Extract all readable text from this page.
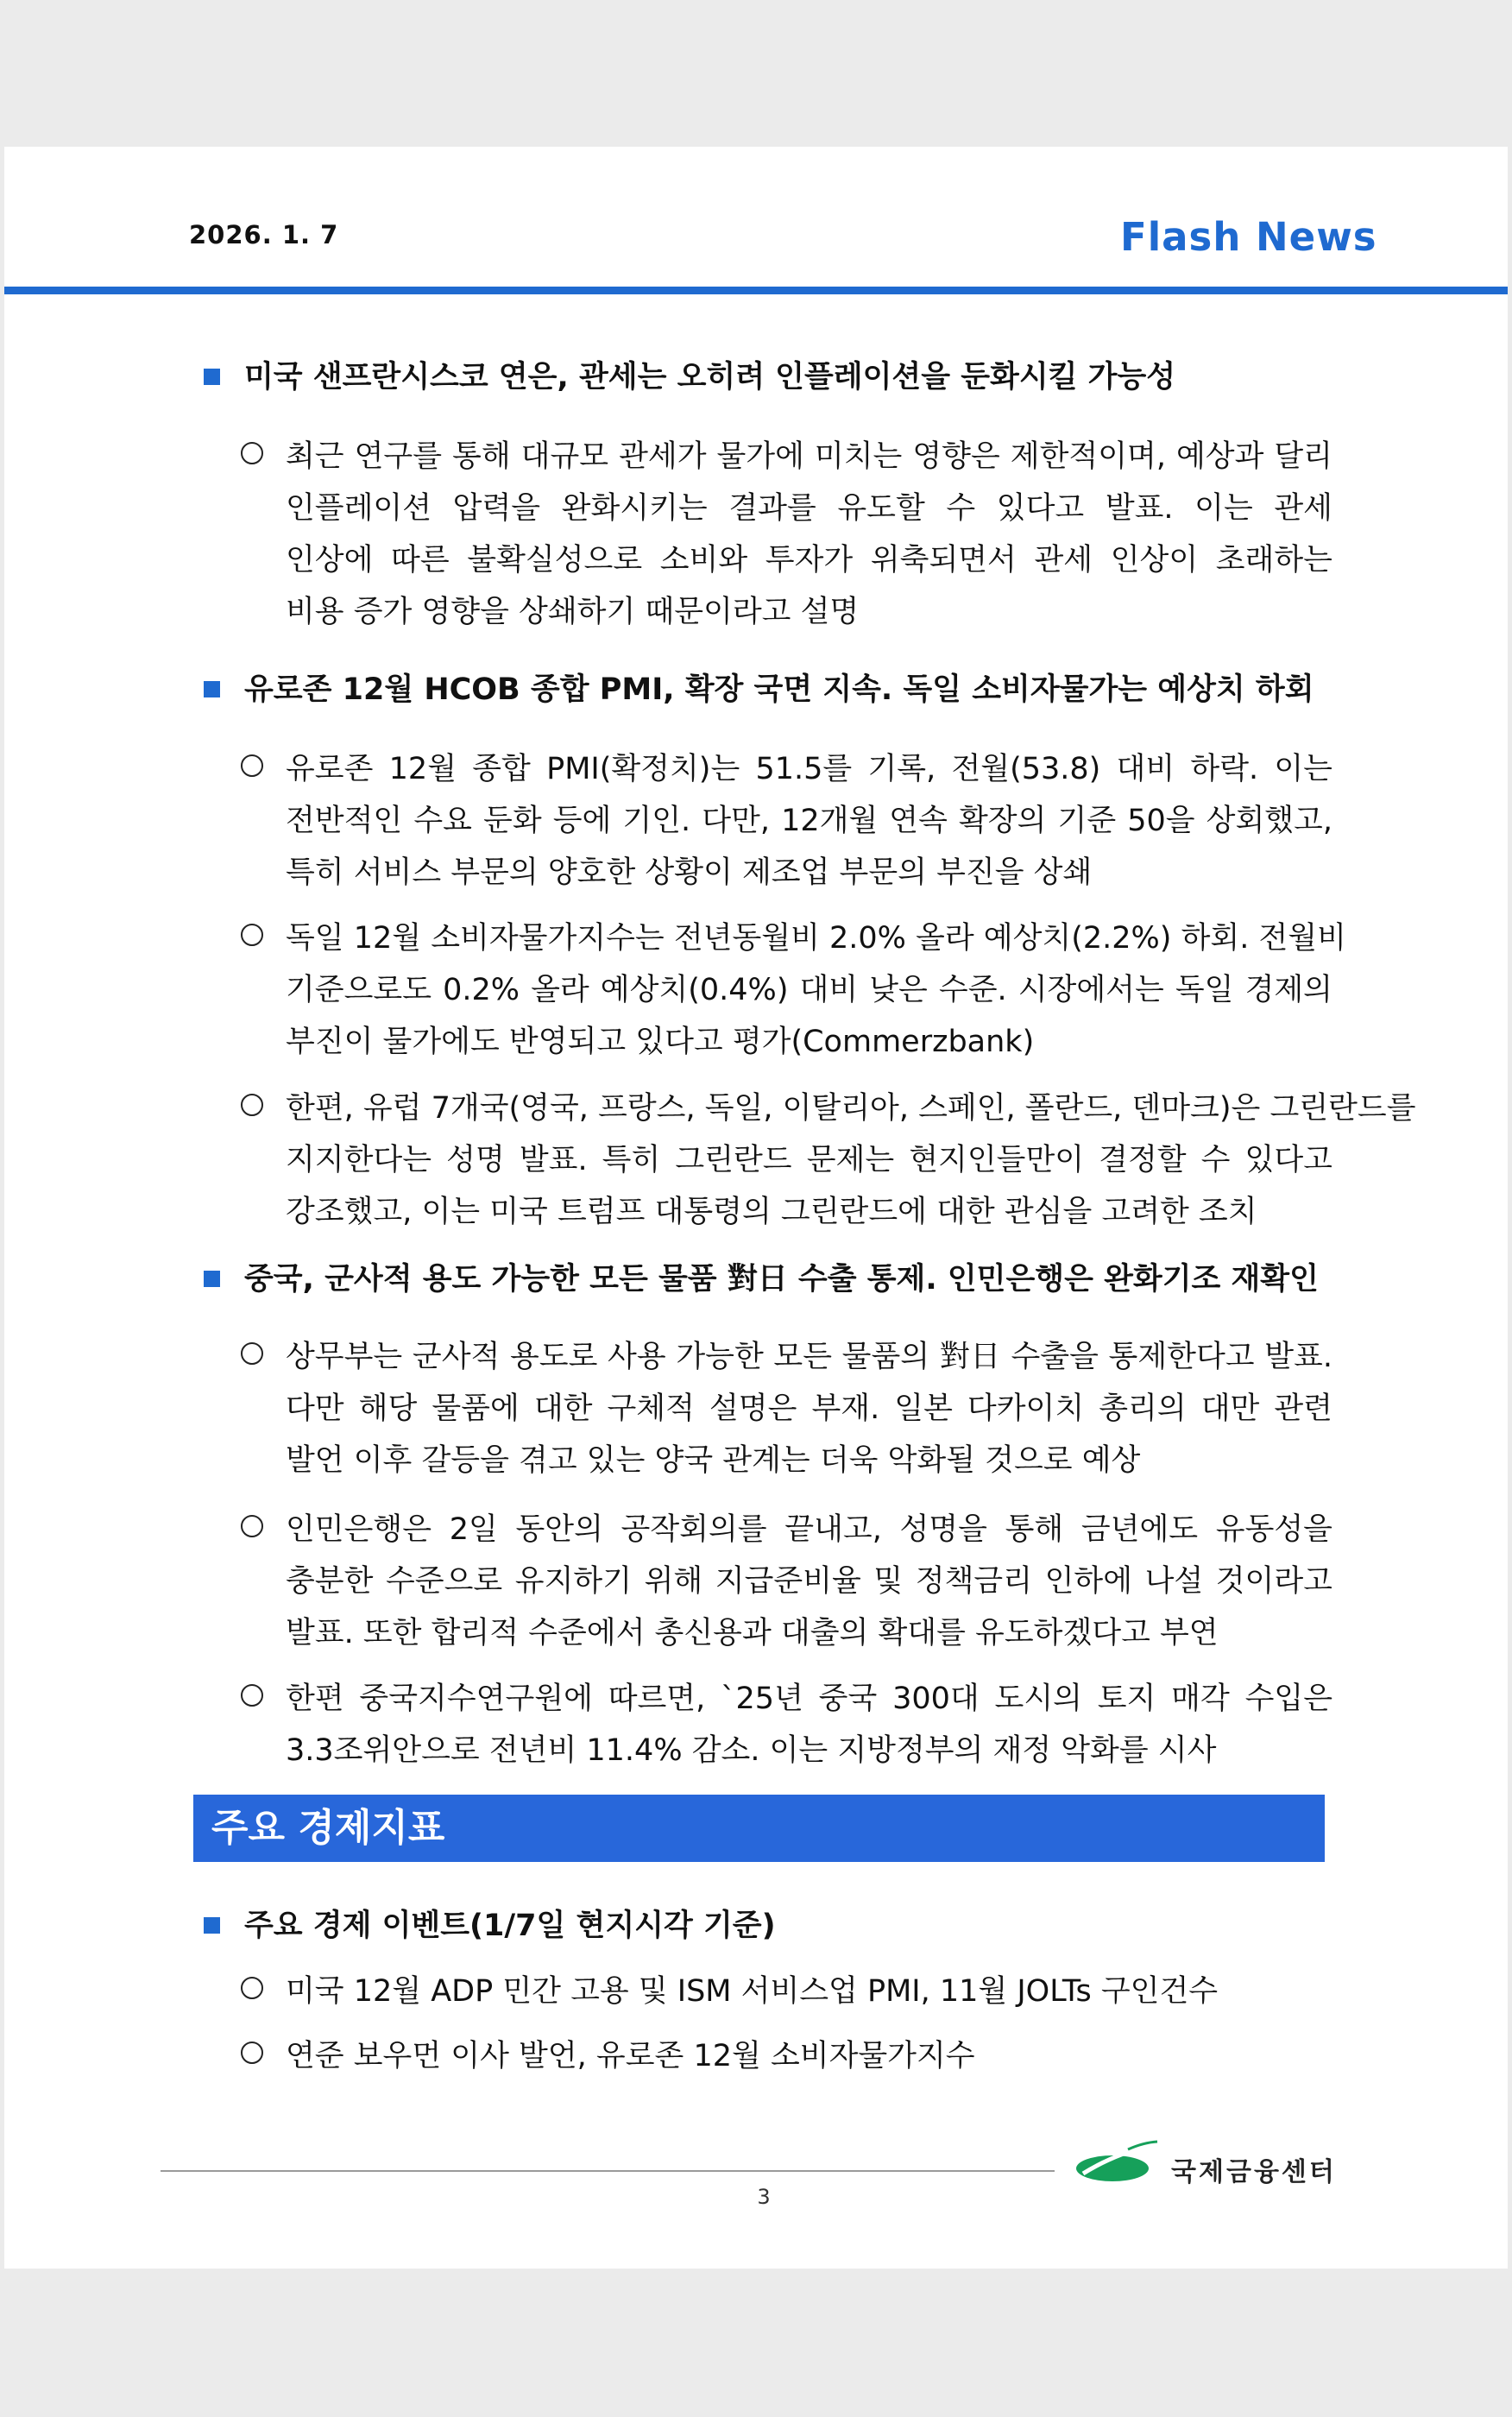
2026. 1. 7	Flash News
미국 샌프란시스코 연은, 관세는 오히려 인플레이션을 둔화시킬 가능성
최근 연구를 통해 대규모 관세가 물가에 미치는 영향은 제한적이며, 예상과 달리
인플레이션 압력을 완화시키는 결과를 유도할 수 있다고 발표. 이는 관세
인상에 따른 불확실성으로 소비와 투자가 위축되면서 관세 인상이 초래하는
비용 증가 영향을 상쇄하기 때문이라고 설명
유로존 12월 HCOB 종합 PMI, 확장 국면 지속. 독일 소비자물가는 예상치 하회
유로존 12월 종합 PMI(확정치)는 51.5를 기록, 전월(53.8) 대비 하락. 이는
전반적인 수요 둔화 등에 기인. 다만, 12개월 연속 확장의 기준 50을 상회했고,
특히 서비스 부문의 양호한 상황이 제조업 부문의 부진을 상쇄
독일 12월 소비자물가지수는 전년동월비 2.0% 올라 예상치(2.2%) 하회. 전월비
기준으로도 0.2% 올라 예상치(0.4%) 대비 낮은 수준. 시장에서는 독일 경제의
부진이 물가에도 반영되고 있다고 평가(Commerzbank)
한편, 유럽 7개국(영국, 프랑스, 독일, 이탈리아, 스페인, 폴란드, 덴마크)은 그린란드를
지지한다는 성명 발표. 특히 그린란드 문제는 현지인들만이 결정할 수 있다고
강조했고, 이는 미국 트럼프 대통령의 그린란드에 대한 관심을 고려한 조치
중국, 군사적 용도 가능한 모든 물품 對日 수출 통제. 인민은행은 완화기조 재확인
상무부는 군사적 용도로 사용 가능한 모든 물품의 對日 수출을 통제한다고 발표.
다만 해당 물품에 대한 구체적 설명은 부재. 일본 다카이치 총리의 대만 관련
발언 이후 갈등을 겪고 있는 양국 관계는 더욱 악화될 것으로 예상
인민은행은 2일 동안의 공작회의를 끝내고, 성명을 통해 금년에도 유동성을
충분한 수준으로 유지하기 위해 지급준비율 및 정책금리 인하에 나설 것이라고
발표. 또한 합리적 수준에서 총신용과 대출의 확대를 유도하겠다고 부연
한편 중국지수연구원에 따르면, `25년 중국 300대 도시의 토지 매각 수입은
3.3조위안으로 전년비 11.4% 감소. 이는 지방정부의 재정 악화를 시사
주요 경제지표
주요 경제 이벤트(1/7일 현지시각 기준)
미국 12월 ADP 민간 고용 및 ISM 서비스업 PMI, 11월 JOLTs 구인건수
연준 보우먼 이사 발언, 유로존 12월 소비자물가지수
국제금융센터
3
